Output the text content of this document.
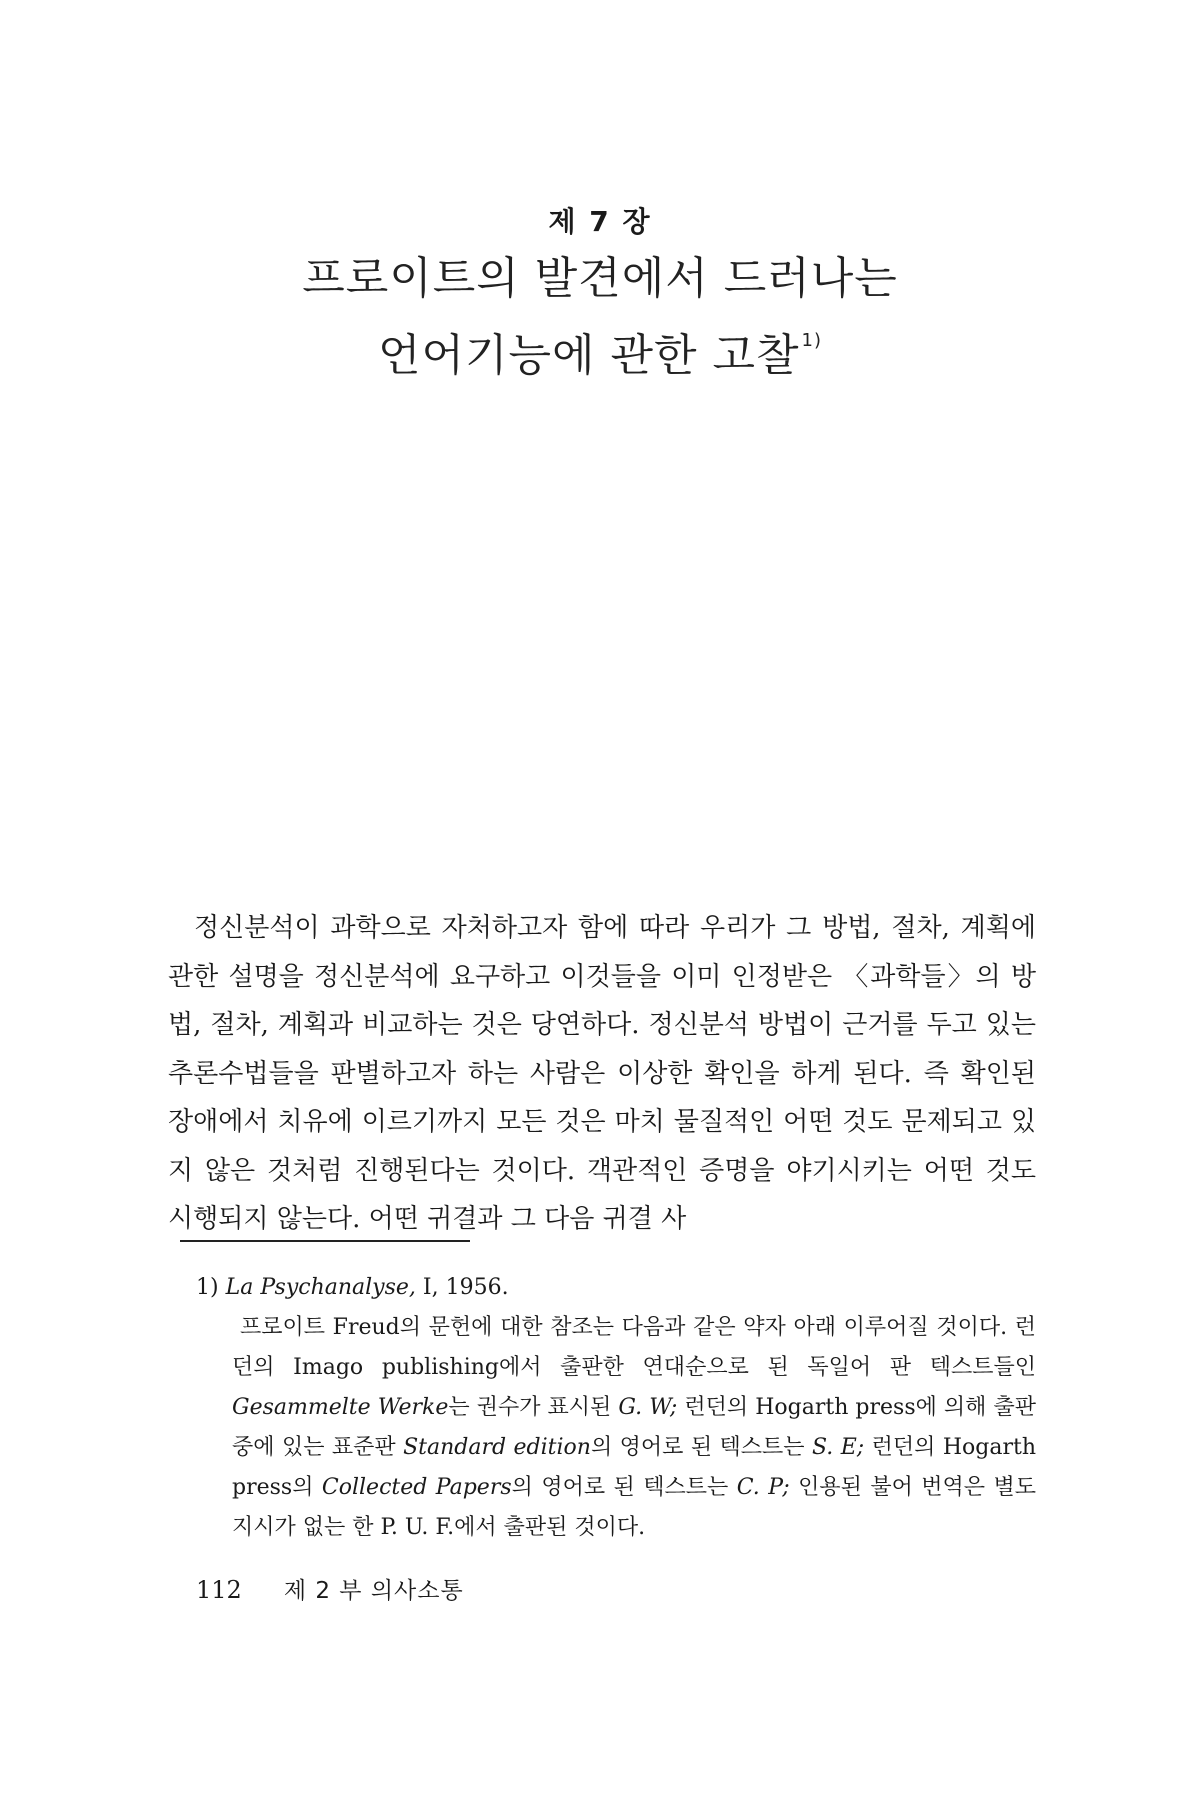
제 7 장
프로이트의 발견에서 드러나는
언어기능에 관한 고찰 $^{1)}$

정신분석이 과학으로 자처하고자 함에 따라 우리가 그 방법, 절차, 계획에 관한 설명을 정신분석에 요구하고 이것들을 이미 인정받은 〈과학들〉의 방법, 절차, 계획과 비교하는 것은 당연하다. 정신분석 방법이 근거를 두고 있는 추론수법들을 판별하고자 하는 사람은 이상한 확인을 하게 된다. 즉 확인된 장애에서 치유에 이르기까지 모든 것은 마치 물질적인 어떤 것도 문제되고 있지 않은 것처럼 진행된다는 것이다. 객관적인 증명을 야기시키는 어떤 것도 시행되지 않는다. 어떤 귀결과 그 다음 귀결 사

1) La Psychanalyse, I, 1956.
프로이트 Freud의 문헌에 대한 참조는 다음과 같은 약자 아래 이루어질 것이다. 런던의 Imago publishing에서 출판한 연대순으로 된 독일어 판 텍스트들인 Gesammelte Werke는 권수가 표시된 G. W; 런던의 Hogarth press에 의해 출판중에 있는 표준판 Standard edition의 영어로 된 텍스트는 S. E; 런던의 Hogarth press의 Collected Papers의 영어로 된 텍스트는 C. P; 인용된 불어 번역은 별도 지시가 없는 한 P. U. F.에서 출판된 것이다.
112 제 2 부 의사소통
